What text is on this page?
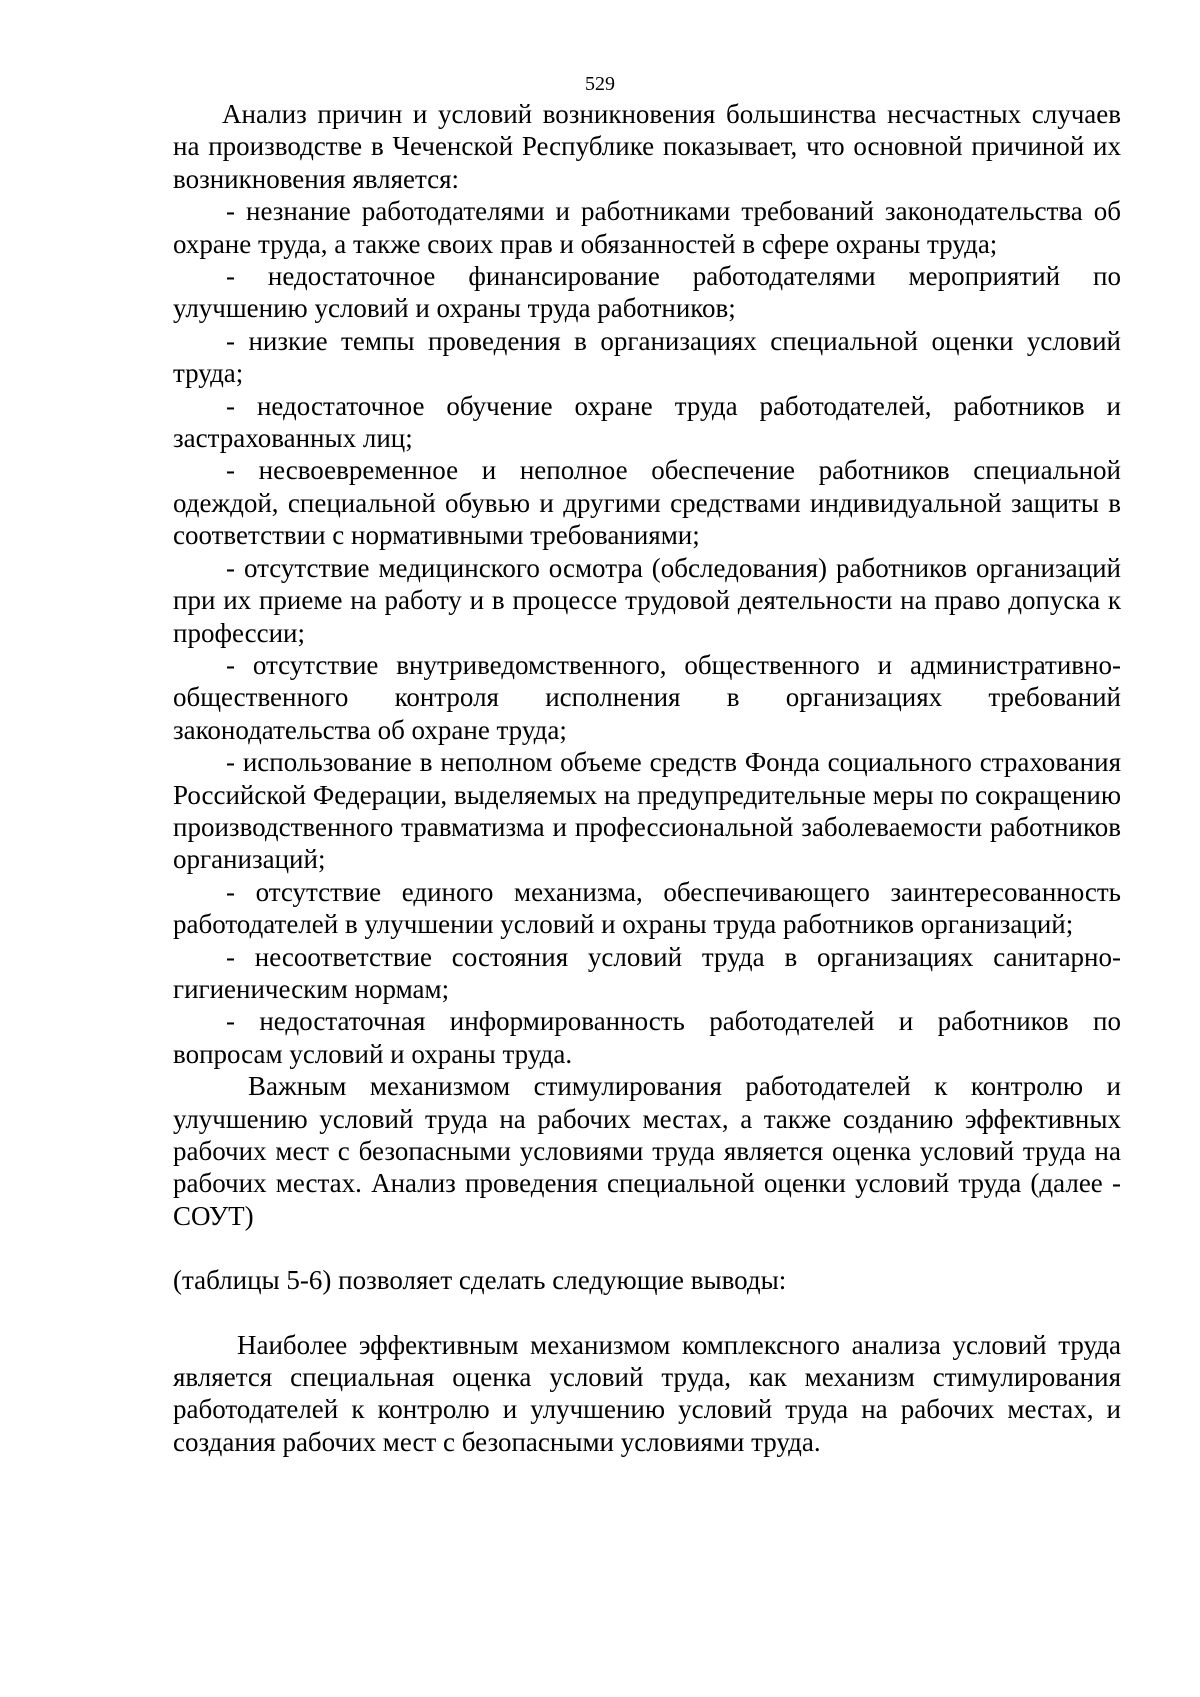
529

Анализ причин и условий возникновения большинства несчастных случаев на производстве в Чеченской Республике показывает, что основной причиной их возникновения является:

- незнание работодателями и работниками требований законодательства об охране труда, а также своих прав и обязанностей в сфере охраны труда;

- недостаточное финансирование работодателями мероприятий по улучшению условий и охраны труда работников;

- низкие темпы проведения в организациях специальной оценки условий труда;

- недостаточное обучение охране труда работодателей, работников и застрахованных лиц;

- несвоевременное и неполное обеспечение работников специальной одеждой, специальной обувью и другими средствами индивидуальной защиты в соответствии с нормативными требованиями;

- отсутствие медицинского осмотра (обследования) работников организаций при их приеме на работу и в процессе трудовой деятельности на право допуска к профессии;

- отсутствие внутриведомственного, общественного и административно-общественного контроля исполнения в организациях требований законодательства об охране труда;

- использование в неполном объеме средств Фонда социального страхования Российской Федерации, выделяемых на предупредительные меры по сокращению производственного травматизма и профессиональной заболеваемости работников организаций;

- отсутствие единого механизма, обеспечивающего заинтересованность работодателей в улучшении условий и охраны труда работников организаций;

- несоответствие состояния условий труда в организациях санитарно-гигиеническим нормам;

- недостаточная информированность работодателей и работников по вопросам условий и охраны труда.

Важным механизмом стимулирования работодателей к контролю и улучшению условий труда на рабочих местах, а также созданию эффективных рабочих мест с безопасными условиями труда является оценка условий труда на рабочих местах. Анализ проведения специальной оценки условий труда (далее - СОУТ)

(таблицы 5-6) позволяет сделать следующие выводы:

Наиболее эффективным механизмом комплексного анализа условий труда является специальная оценка условий труда, как механизм стимулирования работодателей к контролю и улучшению условий труда на рабочих местах, и создания рабочих мест с безопасными условиями труда.
